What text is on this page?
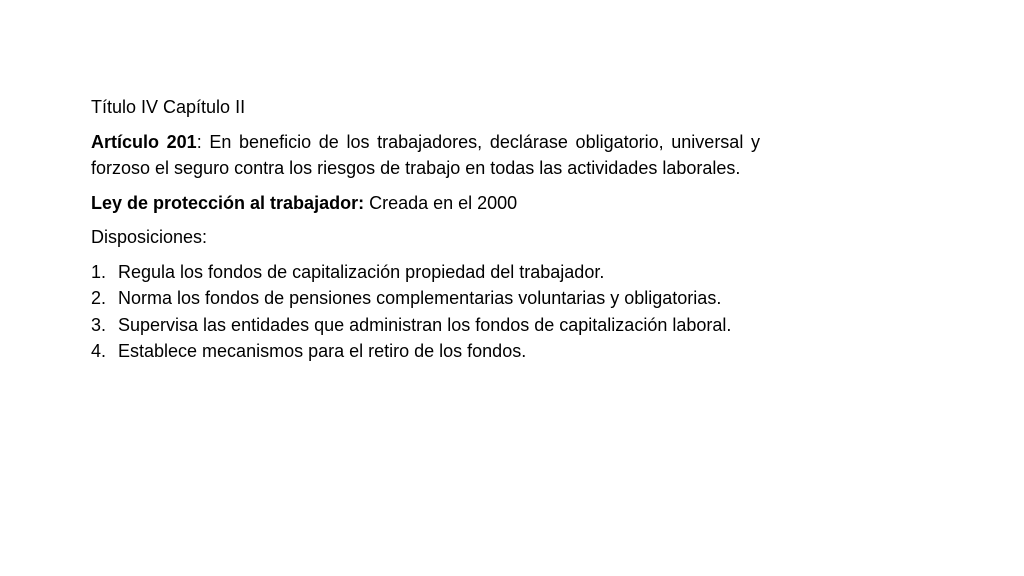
Título IV Capítulo II

Artículo 201: En beneficio de los trabajadores, declárase obligatorio, universal y forzoso el seguro contra los riesgos de trabajo en todas las actividades laborales.

Ley de protección al trabajador: Creada en el 2000

Disposiciones:

1. Regula los fondos de capitalización propiedad del trabajador.
2. Norma los fondos de pensiones complementarias voluntarias y obligatorias.
3. Supervisa las entidades que administran los fondos de capitalización laboral.
4. Establece mecanismos para el retiro de los fondos.
